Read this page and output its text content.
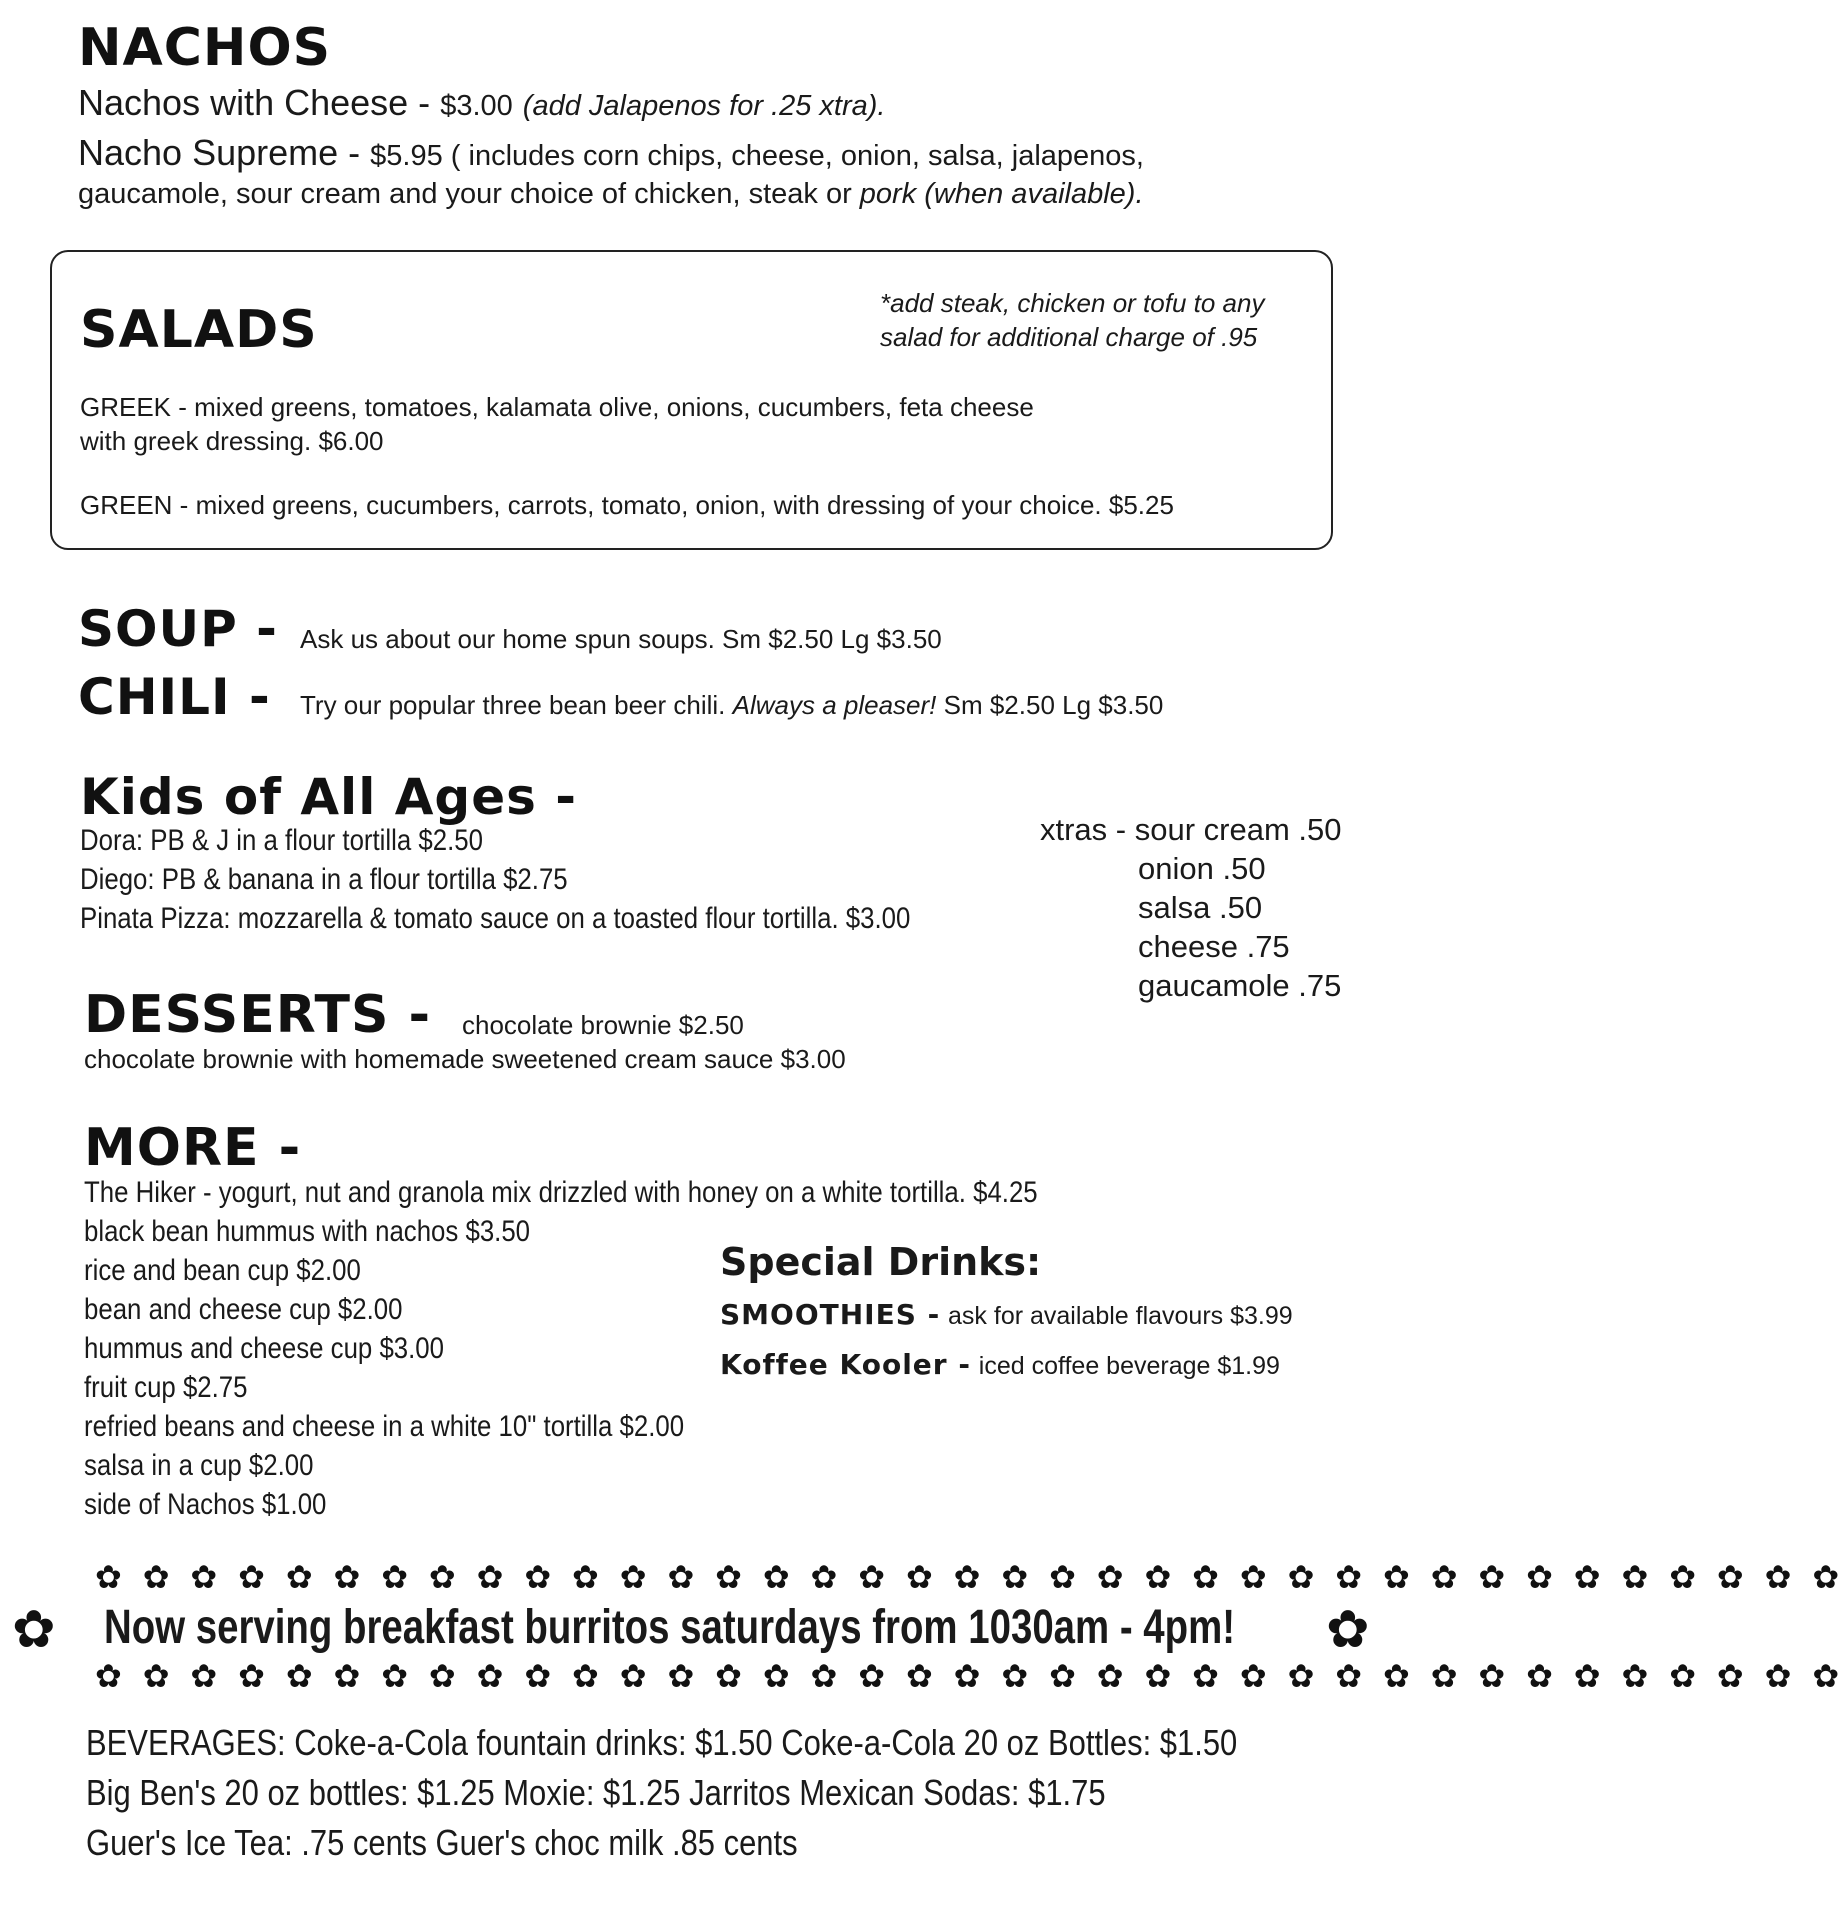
NACHOS
Nachos with Cheese - $3.00 (add Jalapenos for .25 xtra).
Nacho Supreme - $5.95 ( includes corn chips, cheese, onion, salsa, jalapenos,
gaucamole, sour cream and your choice of chicken, steak or pork (when available).
SALADS	*add steak, chicken or tofu to any
salad for additional charge of .95
GREEK - mixed greens, tomatoes, kalamata olive, onions, cucumbers, feta cheese
with greek dressing. $6.00
GREEN - mixed greens, cucumbers, carrots, tomato, onion, with dressing of your choice. $5.25
SOUP - Ask us about our home spun soups. Sm $2.50 Lg $3.50
CHILI - Try our popular three bean beer chili. Always a pleaser! Sm $2.50 Lg $3.50
Kids of All Ages -
Dora: PB & J in a flour tortilla $2.50
Diego: PB & banana in a flour tortilla $2.75
Pinata Pizza: mozzarella & tomato sauce on a toasted flour tortilla. $3.00
xtras - sour cream .50
onion .50
salsa .50
cheese .75
gaucamole .75
DESSERTS - chocolate brownie $2.50
chocolate brownie with homemade sweetened cream sauce $3.00
MORE -
The Hiker - yogurt, nut and granola mix drizzled with honey on a white tortilla. $4.25
black bean hummus with nachos $3.50
rice and bean cup $2.00
bean and cheese cup $2.00
hummus and cheese cup $3.00
fruit cup $2.75
refried beans and cheese in a white 10" tortilla $2.00
salsa in a cup $2.00
side of Nachos $1.00
Special Drinks:
SMOOTHIES - ask for available flavours $3.99
Koffee Kooler - iced coffee beverage $1.99
✿ ✿ ✿ ✿ ✿ ✿ ✿ ✿ ✿ ✿ ✿ ✿ ✿ ✿ ✿ ✿ ✿ ✿ ✿ ✿ ✿ ✿ ✿ ✿ ✿ ✿ ✿ ✿ ✿ ✿ ✿ ✿ ✿ ✿ ✿ ✿ ✿
✿ Now serving breakfast burritos saturdays from 1030am - 4pm! ✿
✿ ✿ ✿ ✿ ✿ ✿ ✿ ✿ ✿ ✿ ✿ ✿ ✿ ✿ ✿ ✿ ✿ ✿ ✿ ✿ ✿ ✿ ✿ ✿ ✿ ✿ ✿ ✿ ✿ ✿ ✿ ✿ ✿ ✿ ✿ ✿ ✿
BEVERAGES: Coke-a-Cola fountain drinks: $1.50 Coke-a-Cola 20 oz Bottles: $1.50
Big Ben's 20 oz bottles: $1.25 Moxie: $1.25 Jarritos Mexican Sodas: $1.75
Guer's Ice Tea: .75 cents Guer's choc milk .85 cents
